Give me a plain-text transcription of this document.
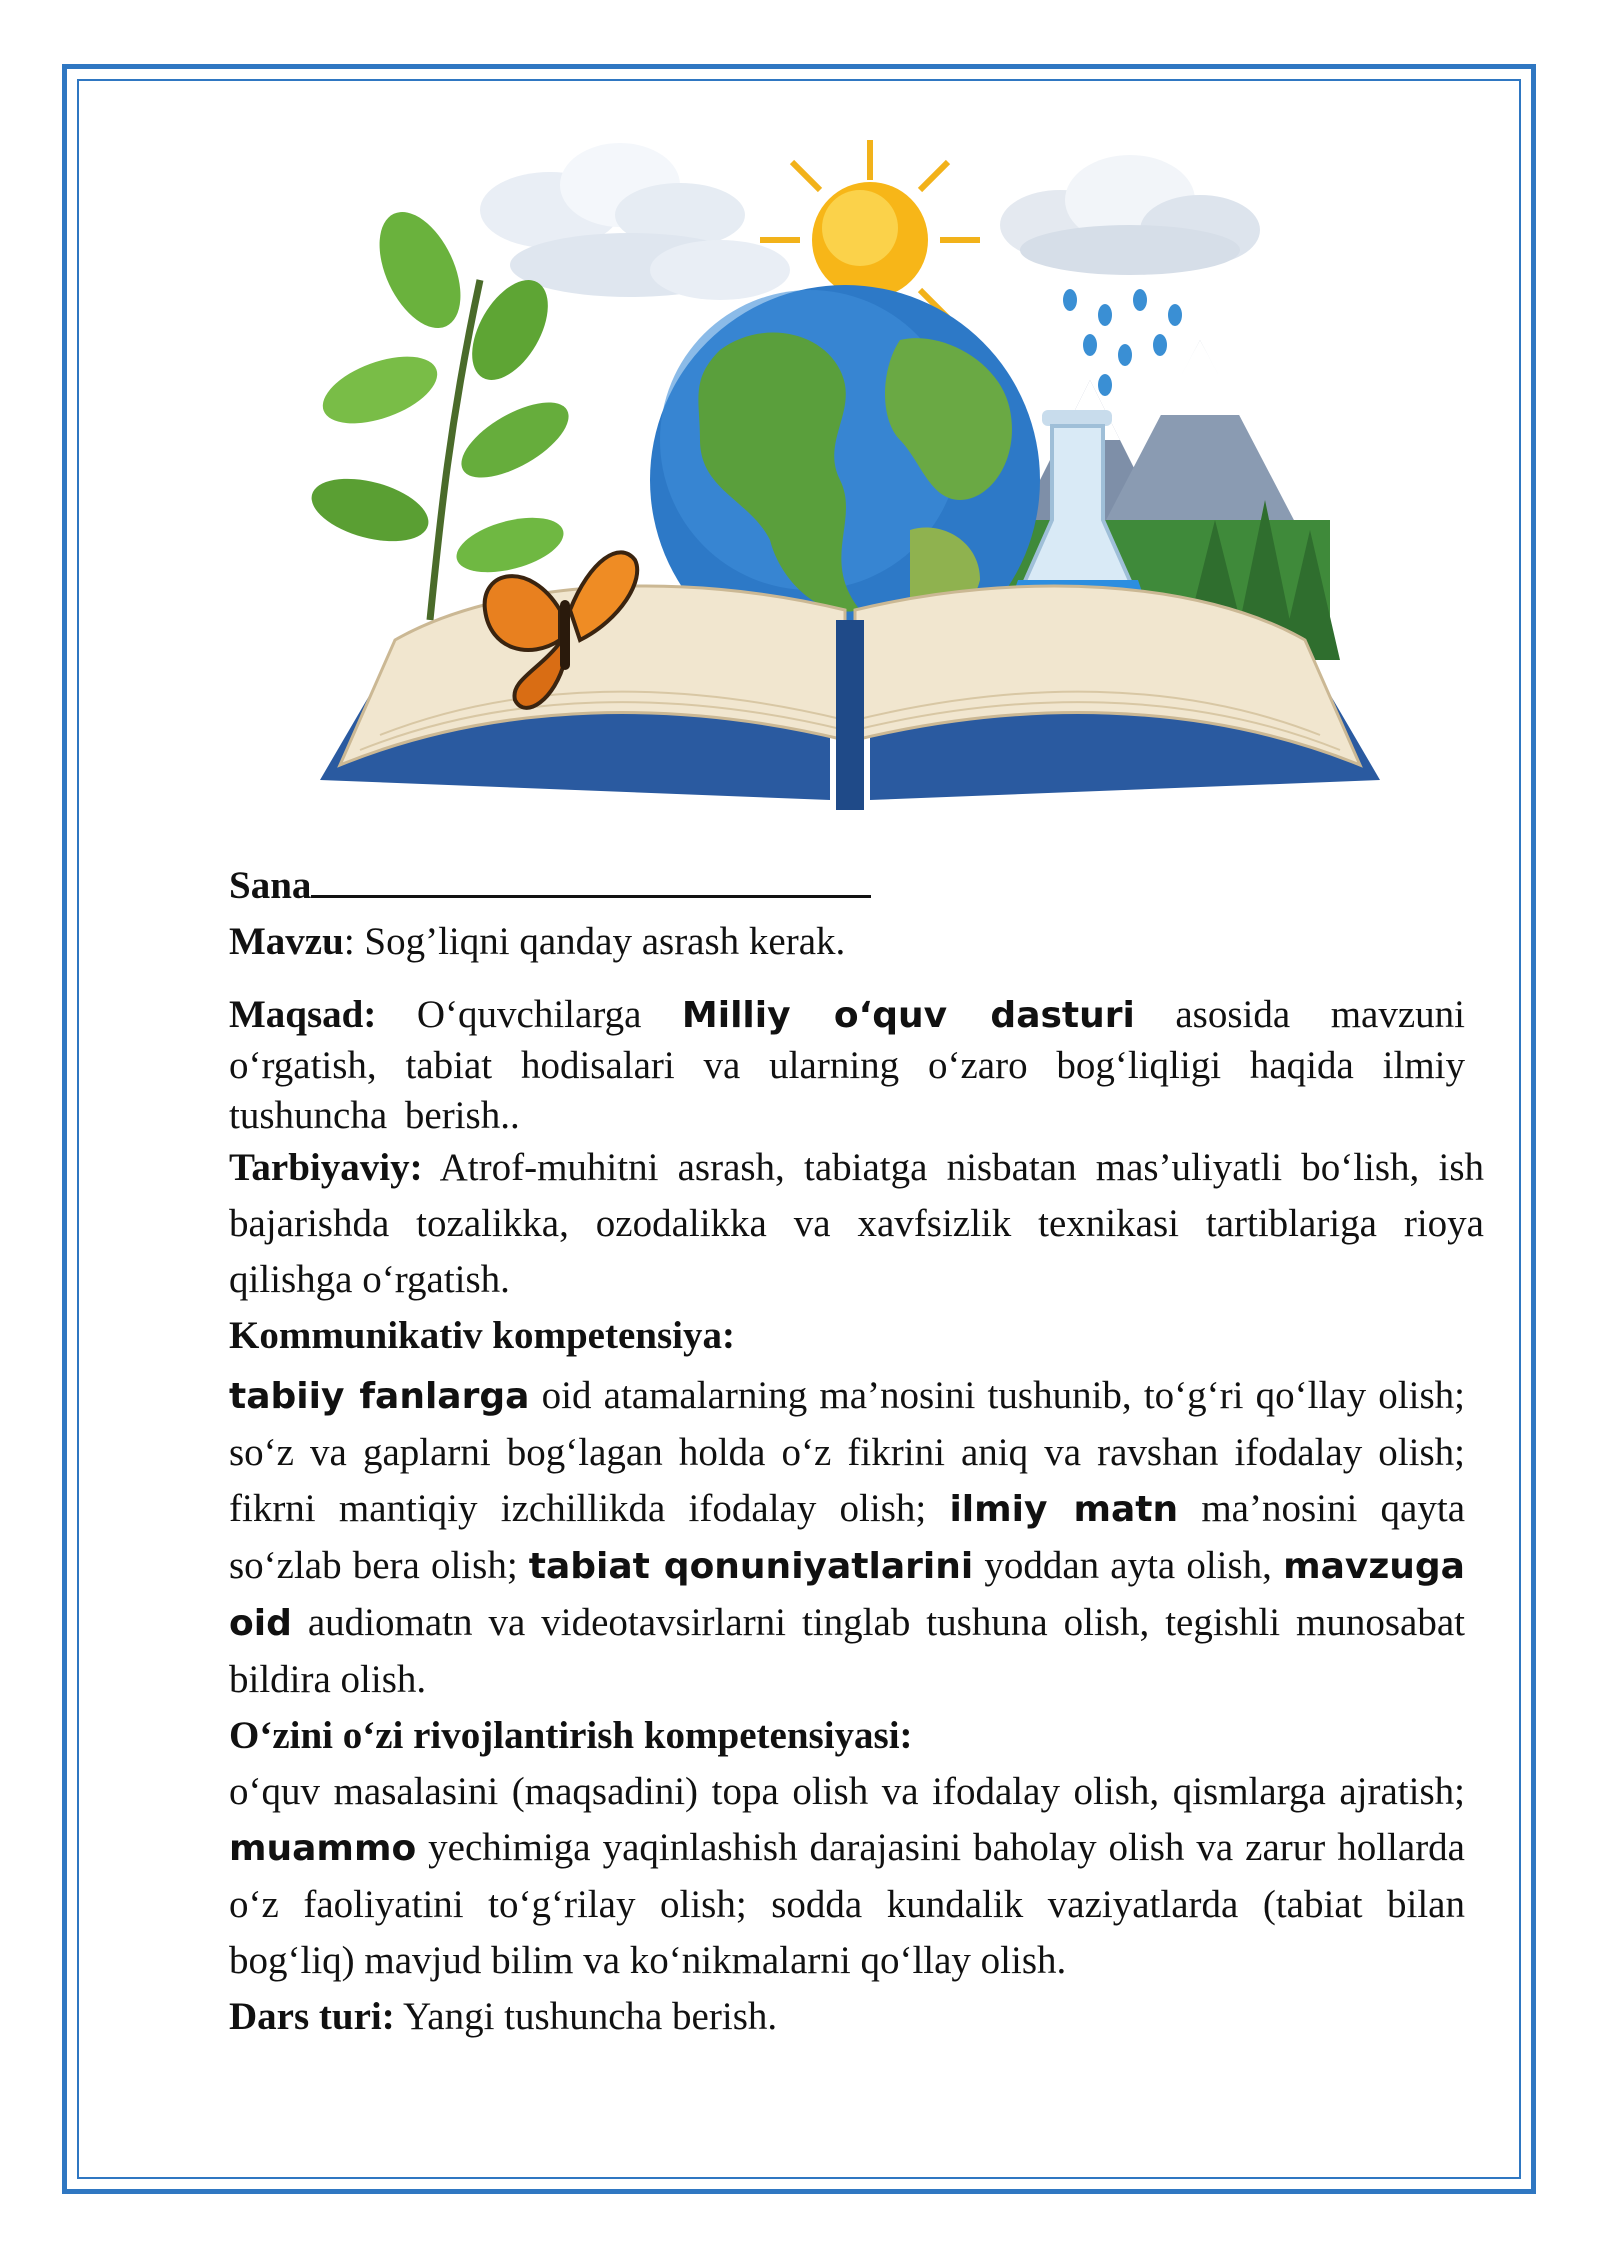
Sana

Mavzu: Sog’liqni qanday asrash kerak.

Maqsad: O‘quvchilarga Milliy o‘quv dasturi asosida mavzuni o‘rgatish, tabiat hodisalari va ularning o‘zaro bog‘liqligi haqida ilmiy tushuncha berish..

Tarbiyaviy: Atrof-muhitni asrash, tabiatga nisbatan mas’uliyatli bo‘lish, ish bajarishda tozalikka, ozodalikka va xavfsizlik texnikasi tartiblariga rioya qilishga o‘rgatish.

Kommunikativ kompetensiya:

tabiiy fanlarga oid atamalarning ma’nosini tushunib, to‘g‘ri qo‘llay olish; so‘z va gaplarni bog‘lagan holda o‘z fikrini aniq va ravshan ifodalay olish; fikrni mantiqiy izchillikda ifodalay olish; ilmiy matn ma’nosini qayta so‘zlab bera olish; tabiat qonuniyatlarini yoddan ayta olish, mavzuga oid audiomatn va videotavsirlarni tinglab tushuna olish, tegishli munosabat bildira olish.

O‘zini o‘zi rivojlantirish kompetensiyasi:

o‘quv masalasini (maqsadini) topa olish va ifodalay olish, qismlarga ajratish; muammo yechimiga yaqinlashish darajasini baholay olish va zarur hollarda o‘z faoliyatini to‘g‘rilay olish; sodda kundalik vaziyatlarda (tabiat bilan bog‘liq) mavjud bilim va ko‘nikmalarni qo‘llay olish.

Dars turi: Yangi tushuncha berish.
